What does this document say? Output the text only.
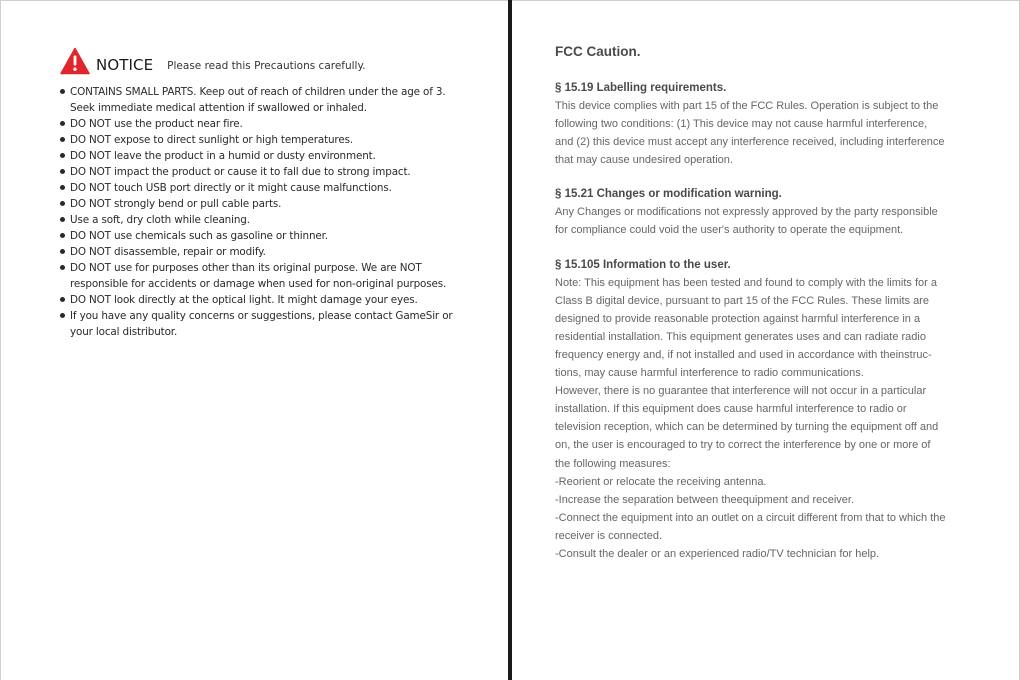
NOTICE Please read this Precautions carefully.
CONTAINS SMALL PARTS. Keep out of reach of children under the age of 3.
Seek immediate medical attention if swallowed or inhaled.
DO NOT use the product near fire.
DO NOT expose to direct sunlight or high temperatures.
DO NOT leave the product in a humid or dusty environment.
DO NOT impact the product or cause it to fall due to strong impact.
DO NOT touch USB port directly or it might cause malfunctions.
DO NOT strongly bend or pull cable parts.
Use a soft, dry cloth while cleaning.
DO NOT use chemicals such as gasoline or thinner.
DO NOT disassemble, repair or modify.
DO NOT use for purposes other than its original purpose. We are NOT
responsible for accidents or damage when used for non-original purposes.
DO NOT look directly at the optical light. It might damage your eyes.
If you have any quality concerns or suggestions, please contact GameSir or
your local distributor.
FCC Caution.
§ 15.19 Labelling requirements.
This device complies with part 15 of the FCC Rules. Operation is subject to the
following two conditions: (1) This device may not cause harmful interference,
and (2) this device must accept any interference received, including interference
that may cause undesired operation.
§ 15.21 Changes or modification warning.
Any Changes or modifications not expressly approved by the party responsible
for compliance could void the user's authority to operate the equipment.
§ 15.105 Information to the user.
Note: This equipment has been tested and found to comply with the limits for a
Class B digital device, pursuant to part 15 of the FCC Rules. These limits are
designed to provide reasonable protection against harmful interference in a
residential installation. This equipment generates uses and can radiate radio
frequency energy and, if not installed and used in accordance with theinstruc-
tions, may cause harmful interference to radio communications.
However, there is no guarantee that interference will not occur in a particular
installation. If this equipment does cause harmful interference to radio or
television reception, which can be determined by turning the equipment off and
on, the user is encouraged to try to correct the interference by one or more of
the following measures:
-Reorient or relocate the receiving antenna.
-Increase the separation between theequipment and receiver.
-Connect the equipment into an outlet on a circuit different from that to which the
receiver is connected.
-Consult the dealer or an experienced radio/TV technician for help.
